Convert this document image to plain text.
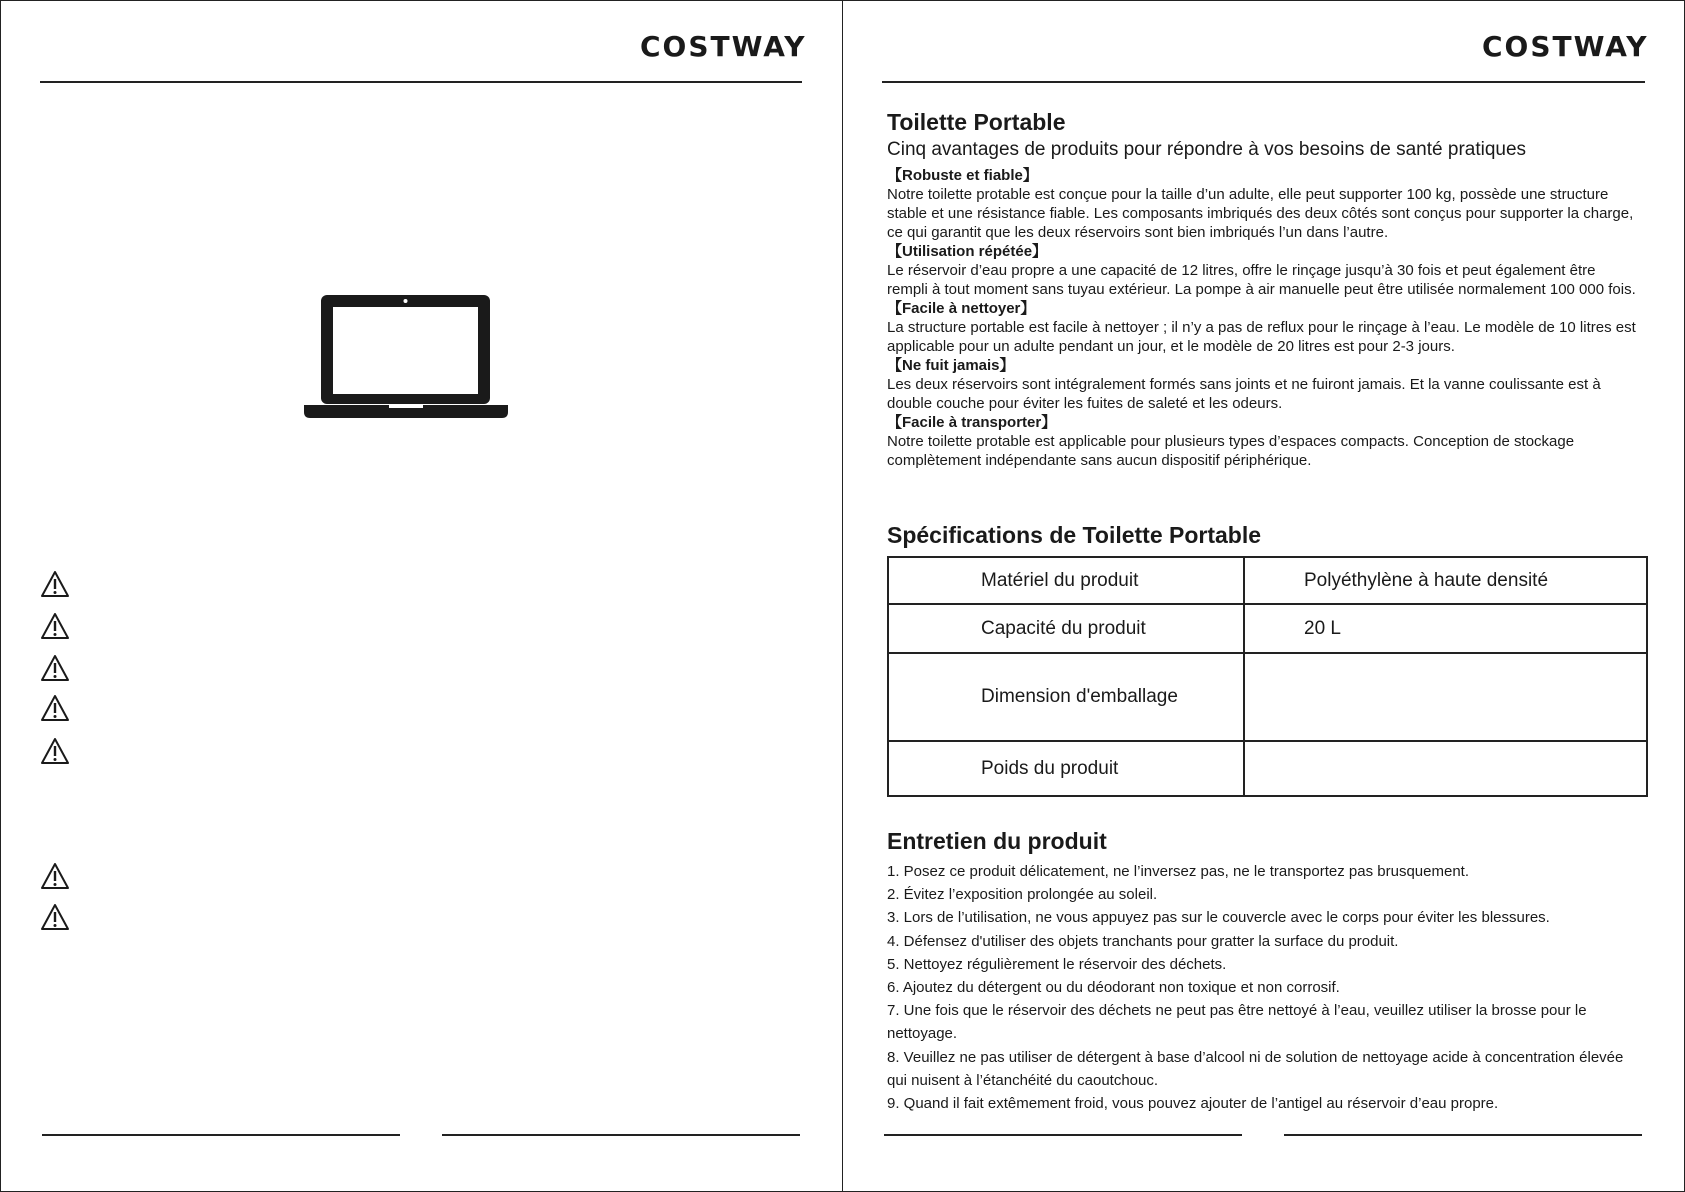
COSTWAY	COSTWAY
Toilette Portable
Cinq avantages de produits pour répondre à vos besoins de santé pratiques
【Robuste et fiable】
Notre toilette protable est conçue pour la taille d’un adulte, elle peut supporter 100 kg, possède une structure stable et une résistance fiable. Les composants imbriqués des deux côtés sont conçus pour supporter la charge, ce qui garantit que les deux réservoirs sont bien imbriqués l’un dans l’autre.
【Utilisation répétée】
Le réservoir d’eau propre a une capacité de 12 litres, offre le rinçage jusqu’à 30 fois et peut également être rempli à tout moment sans tuyau extérieur. La pompe à air manuelle peut être utilisée normalement 100 000 fois.
【Facile à nettoyer】
La structure portable est facile à nettoyer ; il n’y a pas de reflux pour le rinçage à l’eau. Le modèle de 10 litres est applicable pour un adulte pendant un jour, et le modèle de 20 litres est pour 2-3 jours.
【Ne fuit jamais】
Les deux réservoirs sont intégralement formés sans joints et ne fuiront jamais. Et la vanne coulissante est à double couche pour éviter les fuites de saleté et les odeurs.
【Facile à transporter】
Notre toilette protable est applicable pour plusieurs types d’espaces compacts. Conception de stockage complètement indépendante sans aucun dispositif périphérique.
Spécifications de Toilette Portable
Matériel du produit	Polyéthylène à haute densité
Capacité du produit	20 L
Dimension d'emballage	
Poids du produit	
Entretien du produit
1. Posez ce produit délicatement, ne l’inversez pas, ne le transportez pas brusquement.
2. Évitez l’exposition prolongée au soleil.
3. Lors de l’utilisation, ne vous appuyez pas sur le couvercle avec le corps pour éviter les blessures.
4. Défensez d'utiliser des objets tranchants pour gratter la surface du produit.
5. Nettoyez régulièrement le réservoir des déchets.
6. Ajoutez du détergent ou du déodorant non toxique et non corrosif.
7. Une fois que le réservoir des déchets ne peut pas être nettoyé à l’eau, veuillez utiliser la brosse pour le nettoyage.
8. Veuillez ne pas utiliser de détergent à base d’alcool ni de solution de nettoyage acide à concentration élevée qui nuisent à l’étanchéité du caoutchouc.
9. Quand il fait extêmement froid, vous pouvez ajouter de l’antigel au réservoir d’eau propre.
